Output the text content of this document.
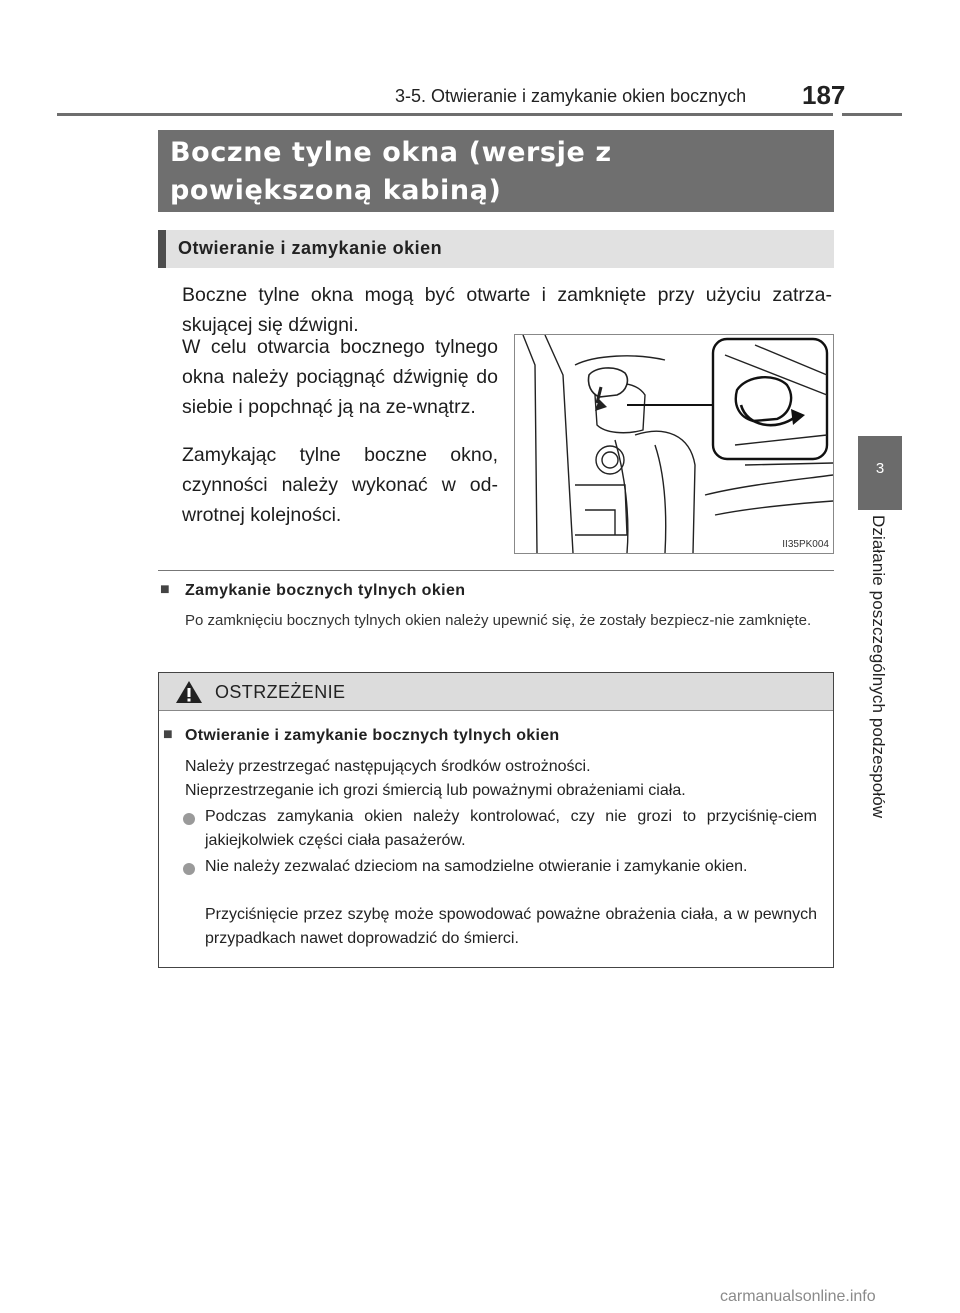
3-5. Otwieranie i zamykanie okien bocznych 187
3
Działanie poszczególnych podzespołów
Boczne tylne okna (wersje z powiększoną kabiną)
Otwieranie i zamykanie okien
Boczne tylne okna mogą być otwarte i zamknięte przy użyciu zatrza-skującej się dźwigni.
W celu otwarcia bocznego tylnego okna należy pociągnąć dźwignię do siebie i popchnąć ją na ze-wnątrz.
Zamykając tylne boczne okno, czynności należy wykonać w od-wrotnej kolejności.
II35PK004
■ Zamykanie bocznych tylnych okien
Po zamknięciu bocznych tylnych okien należy upewnić się, że zostały bezpiecz-nie zamknięte.
OSTRZEŻENIE
■ Otwieranie i zamykanie bocznych tylnych okien
Należy przestrzegać następujących środków ostrożności.
Nieprzestrzeganie ich grozi śmiercią lub poważnymi obrażeniami ciała.
Podczas zamykania okien należy kontrolować, czy nie grozi to przyciśnię-ciem jakiejkolwiek części ciała pasażerów.
Nie należy zezwalać dzieciom na samodzielne otwieranie i zamykanie okien.
Przyciśnięcie przez szybę może spowodować poważne obrażenia ciała, a w pewnych przypadkach nawet doprowadzić do śmierci.
carmanualsonline.info
